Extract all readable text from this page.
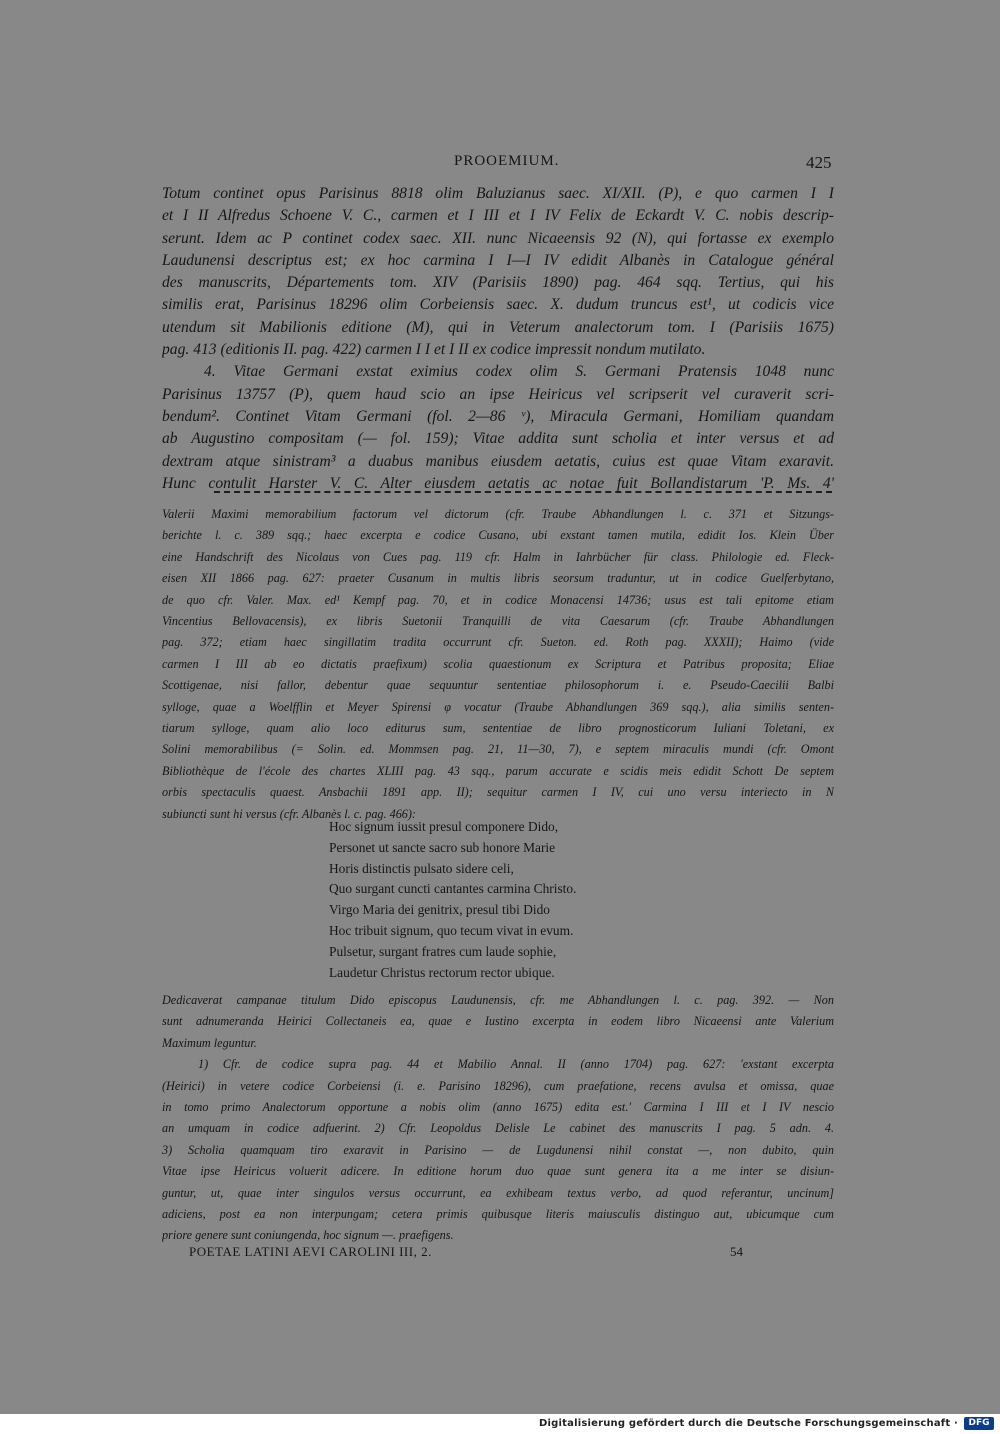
PROOEMIUM.	425

Totum continet opus Parisinus 8818 olim Baluzianus saec. XI/XII. (P), e quo carmen I I

et I II Alfredus Schoene V. C., carmen et I III et I IV Felix de Eckardt V. C. nobis descrip-

serunt. Idem ac P continet codex saec. XII. nunc Nicaeensis 92 (N), qui fortasse ex exemplo

Laudunensi descriptus est; ex hoc carmina I I—I IV edidit Albanès in Catalogue général

des manuscrits, Départements tom. XIV (Parisiis 1890) pag. 464 sqq. Tertius, qui his

similis erat, Parisinus 18296 olim Corbeiensis saec. X. dudum truncus est¹, ut codicis vice

utendum sit Mabilionis editione (M), qui in Veterum analectorum tom. I (Parisiis 1675)

pag. 413 (editionis II. pag. 422) carmen I I et I II ex codice impressit nondum mutilato.

4. Vitae Germani exstat eximius codex olim S. Germani Pratensis 1048 nunc

Parisinus 13757 (P), quem haud scio an ipse Heiricus vel scripserit vel curaverit scri-

bendum². Continet Vitam Germani (fol. 2—86 ᵛ), Miracula Germani, Homiliam quandam

ab Augustino compositam (— fol. 159); Vitae addita sunt scholia et inter versus et ad

dextram atque sinistram³ a duabus manibus eiusdem aetatis, cuius est quae Vitam exaravit.

Hunc contulit Harster V. C. Alter eiusdem aetatis ac notae fuit Bollandistarum 'P. Ms. 4'

Valerii Maximi memorabilium factorum vel dictorum (cfr. Traube Abhandlungen l. c. 371 et Sitzungs-

berichte l. c. 389 sqq.; haec excerpta e codice Cusano, ubi exstant tamen mutila, edidit Ios. Klein Über

eine Handschrift des Nicolaus von Cues pag. 119 cfr. Halm in Iahrbücher für class. Philologie ed. Fleck-

eisen XII 1866 pag. 627: praeter Cusanum in multis libris seorsum traduntur, ut in codice Guelferbytano,

de quo cfr. Valer. Max. ed¹ Kempf pag. 70, et in codice Monacensi 14736; usus est tali epitome etiam

Vincentius Bellovacensis), ex libris Suetonii Tranquilli de vita Caesarum (cfr. Traube Abhandlungen

pag. 372; etiam haec singillatim tradita occurrunt cfr. Sueton. ed. Roth pag. XXXII); Haimo (vide

carmen I III ab eo dictatis praefixum) scolia quaestionum ex Scriptura et Patribus proposita; Eliae

Scottigenae, nisi fallor, debentur quae sequuntur sententiae philosophorum i. e. Pseudo-Caecilii Balbi

sylloge, quae a Woelfflin et Meyer Spirensi φ vocatur (Traube Abhandlungen 369 sqq.), alia similis senten-

tiarum sylloge, quam alio loco editurus sum, sententiae de libro prognosticorum Iuliani Toletani, ex

Solini memorabilibus (= Solin. ed. Mommsen pag. 21, 11—30, 7), e septem miraculis mundi (cfr. Omont

Bibliothèque de l'école des chartes XLIII pag. 43 sqq., parum accurate e scidis meis edidit Schott De septem

orbis spectaculis quaest. Ansbachii 1891 app. II); sequitur carmen I IV, cui uno versu interiecto in N

subiuncti sunt hi versus (cfr. Albanès l. c. pag. 466):

Hoc signum iussit presul componere Dido,
Personet ut sancte sacro sub honore Marie
Horis distinctis pulsato sidere celi,
Quo surgant cuncti cantantes carmina Christo.
Virgo Maria dei genitrix, presul tibi Dido
Hoc tribuit signum, quo tecum vivat in evum.
Pulsetur, surgant fratres cum laude sophie,
Laudetur Christus rectorum rector ubique.

Dedicaverat campanae titulum Dido episcopus Laudunensis, cfr. me Abhandlungen l. c. pag. 392. — Non

sunt adnumeranda Heirici Collectaneis ea, quae e Iustino excerpta in eodem libro Nicaeensi ante Valerium

Maximum leguntur.

1) Cfr. de codice supra pag. 44 et Mabilio Annal. II (anno 1704) pag. 627: 'exstant excerpta

(Heirici) in vetere codice Corbeiensi (i. e. Parisino 18296), cum praefatione, recens avulsa et omissa, quae

in tomo primo Analectorum opportune a nobis olim (anno 1675) edita est.' Carmina I III et I IV nescio

an umquam in codice adfuerint. 2) Cfr. Leopoldus Delisle Le cabinet des manuscrits I pag. 5 adn. 4.

3) Scholia quamquam tiro exaravit in Parisino — de Lugdunensi nihil constat —, non dubito, quin

Vitae ipse Heiricus voluerit adicere. In editione horum duo quae sunt genera ita a me inter se disiun-

guntur, ut, quae inter singulos versus occurrunt, ea exhibeam textus verbo, ad quod referantur, uncinum]

adiciens, post ea non interpungam; cetera primis quibusque literis maiusculis distinguo aut, ubicumque cum

priore genere sunt coniungenda, hoc signum —. praefigens.

POETAE LATINI AEVI CAROLINI III, 2.	54
Digitalisierung gefördert durch die Deutsche Forschungsgemeinschaft ·	DFG
